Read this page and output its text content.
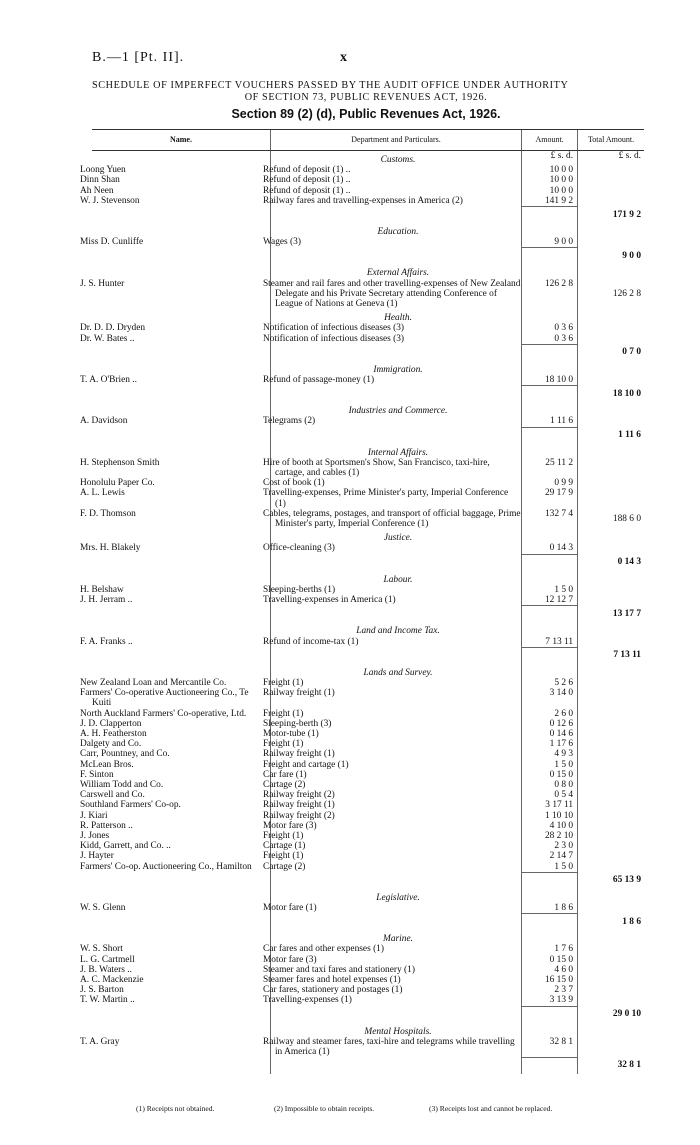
B.—1 [Pt. II].	x
SCHEDULE OF IMPERFECT VOUCHERS PASSED BY THE AUDIT OFFICE UNDER AUTHORITY
OF SECTION 73, PUBLIC REVENUES ACT, 1926.
Section 89 (2) (d), Public Revenues Act, 1926.
Name.	Department and Particulars.	Amount.	Total Amount.
	Customs.	£ s. d.	£ s. d.
Loong Yuen	Refund of deposit (1) ..	10 0 0	
Dinn Shan	Refund of deposit (1) ..	10 0 0	
Ah Neen	Refund of deposit (1) ..	10 0 0	
W. J. Stevenson	Railway fares and travelling-expenses in America (2)	141 9 2	
			171 9 2
	Education.		
Miss D. Cunliffe	Wages (3)	9 0 0	
			9 0 0
	External Affairs.		
J. S. Hunter	Steamer and rail fares and other travelling-expenses of New Zealand Delegate and his Private Secretary attending Conference of League of Nations at Geneva (1)	126 2 8	126 2 8
	Health.		
Dr. D. D. Dryden	Notification of infectious diseases (3)	0 3 6	
Dr. W. Bates ..	Notification of infectious diseases (3)	0 3 6	
			0 7 0
	Immigration.		
T. A. O'Brien ..	Refund of passage-money (1)	18 10 0	
			18 10 0
	Industries and Commerce.		
A. Davidson	Telegrams (2)	1 11 6	
			1 11 6
	Internal Affairs.		
H. Stephenson Smith	Hire of booth at Sportsmen's Show, San Francisco, taxi-hire, cartage, and cables (1)	25 11 2	
Honolulu Paper Co.	Cost of book (1)	0 9 9	
A. L. Lewis	Travelling-expenses, Prime Minister's party, Imperial Conference (1)	29 17 9	
F. D. Thomson	Cables, telegrams, postages, and transport of official baggage, Prime Minister's party, Imperial Conference (1)	132 7 4	188 6 0
	Justice.		
Mrs. H. Blakely	Office-cleaning (3)	0 14 3	
			0 14 3
	Labour.		
H. Belshaw	Sleeping-berths (1)	1 5 0	
J. H. Jerram ..	Travelling-expenses in America (1)	12 12 7	
			13 17 7
	Land and Income Tax.		
F. A. Franks ..	Refund of income-tax (1)	7 13 11	
			7 13 11
	Lands and Survey.		
New Zealand Loan and Mercantile Co.	Freight (1)	5 2 6	
Farmers' Co-operative Auctioneering Co., Te Kuiti	Railway freight (1)	3 14 0	
North Auckland Farmers' Co-operative, Ltd.	Freight (1)	2 6 0	
J. D. Clapperton	Sleeping-berth (3)	0 12 6	
A. H. Featherston	Motor-tube (1)	0 14 6	
Dalgety and Co.	Freight (1)	1 17 6	
Carr, Pountney, and Co.	Railway freight (1)	4 9 3	
McLean Bros.	Freight and cartage (1)	1 5 0	
F. Sinton	Car fare (1)	0 15 0	
William Todd and Co.	Cartage (2)	0 8 0	
Carswell and Co.	Railway freight (2)	0 5 4	
Southland Farmers' Co-op.	Railway freight (1)	3 17 11	
J. Kiari	Railway freight (2)	1 10 10	
R. Patterson ..	Motor fare (3)	4 10 0	
J. Jones	Freight (1)	28 2 10	
Kidd, Garrett, and Co. ..	Cartage (1)	2 3 0	
J. Hayter	Freight (1)	2 14 7	
Farmers' Co-op. Auctioneering Co., Hamilton	Cartage (2)	1 5 0	
			65 13 9
	Legislative.		
W. S. Glenn	Motor fare (1)	1 8 6	
			1 8 6
	Marine.		
W. S. Short	Car fares and other expenses (1)	1 7 6	
L. G. Cartmell	Motor fare (3)	0 15 0	
J. B. Waters ..	Steamer and taxi fares and stationery (1)	4 6 0	
A. C. Mackenzie	Steamer fares and hotel expenses (1)	16 15 0	
J. S. Barton	Car fares, stationery and postages (1)	2 3 7	
T. W. Martin ..	Travelling-expenses (1)	3 13 9	
			29 0 10
	Mental Hospitals.		
T. A. Gray	Railway and steamer fares, taxi-hire and telegrams while travelling in America (1)	32 8 1	
			32 8 1
(1) Receipts not obtained.	(2) Impossible to obtain receipts.	(3) Receipts lost and cannot be replaced.
